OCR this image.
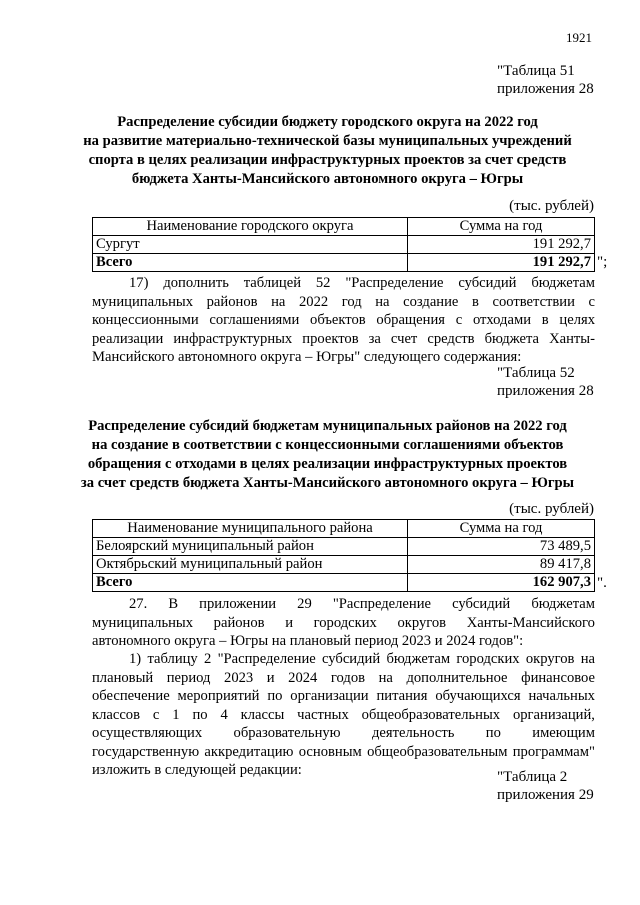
1921
"Таблица 51
приложения 28
Распределение субсидии бюджету городского округа на 2022 год
на развитие материально-технической базы муниципальных учреждений
спорта в целях реализации инфраструктурных проектов за счет средств
бюджета Ханты-Мансийского автономного округа – Югры
(тыс. рублей)
Наименование городского округа	Сумма на год
Сургут	191 292,7
Всего	191 292,7 ";
17) дополнить таблицей 52 "Распределение субсидий бюджетам
муниципальных районов на 2022 год на создание в соответствии с
концессионными соглашениями объектов обращения с отходами в целях
реализации инфраструктурных проектов за счет средств бюджета Ханты-
Мансийского автономного округа – Югры" следующего содержания:
"Таблица 52
приложения 28
Распределение субсидий бюджетам муниципальных районов на 2022 год
на создание в соответствии с концессионными соглашениями объектов
обращения с отходами в целях реализации инфраструктурных проектов
за счет средств бюджета Ханты-Мансийского автономного округа – Югры
(тыс. рублей)
Наименование муниципального района	Сумма на год
Белоярский муниципальный район	73 489,5
Октябрьский муниципальный район	89 417,8
Всего	162 907,3 ".
27. В приложении 29 "Распределение субсидий бюджетам
муниципальных районов и городских округов Ханты-Мансийского
автономного округа – Югры на плановый период 2023 и 2024 годов":
1) таблицу 2 "Распределение субсидий бюджетам городских округов на
плановый период 2023 и 2024 годов на дополнительное финансовое
обеспечение мероприятий по организации питания обучающихся начальных
классов с 1 по 4 классы частных общеобразовательных организаций,
осуществляющих образовательную деятельность по имеющим
государственную аккредитацию основным общеобразовательным программам"
изложить в следующей редакции:	"Таблица 2
приложения 29
